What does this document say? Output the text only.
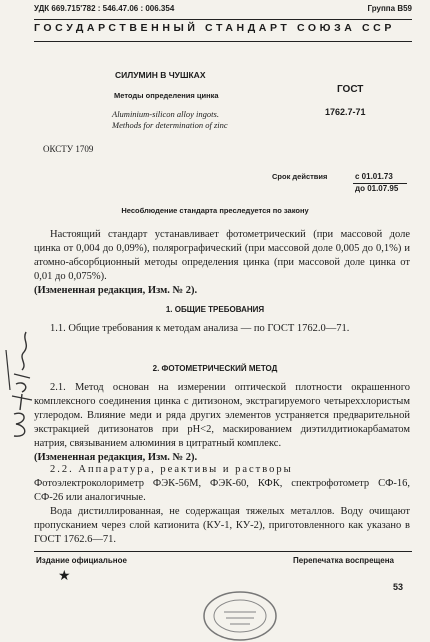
УДК 669.715'782 : 546.47.06 : 006.354	Группа В59
ГОСУДАРСТВЕННЫЙ СТАНДАРТ СОЮЗА ССР
СИЛУМИН В ЧУШКАХ
Методы определения цинка
Aluminium-silicon alloy ingots.
Methods for determination of zinc
ГОСТ
1762.7-71
ОКСТУ 1709
Срок действия	с 01.01.73
до 01.07.95
Несоблюдение стандарта преследуется по закону
Настоящий стандарт устанавливает фотометрический (при массовой доле цинка от 0,004 до 0,09%), полярографический (при массовой доле 0,005 до 0,1%) и атомно-абсорбционный методы определения цинка (при массовой доле цинка от 0,01 до 0,075%).
(Измененная редакция, Изм. № 2).
1. ОБЩИЕ ТРЕБОВАНИЯ
1.1. Общие требования к методам анализа — по ГОСТ 1762.0—71.
2. ФОТОМЕТРИЧЕСКИЙ МЕТОД
2.1. Метод основан на измерении оптической плотности окрашенного комплексного соединения цинка с дитизоном, экстрагируемого четыреххлористым углеродом. Влияние меди и ряда других элементов устраняется предварительной экстракцией дитизонатов при рН<2, маскированием диэтилдитиокарбаматом натрия, связыванием алюминия в цитратный комплекс.
(Измененная редакция, Изм. № 2).
2.2. Аппаратура, реактивы и растворы
Фотоэлектроколориметр ФЭК-56М, ФЭК-60, КФК, спектрофотометр СФ-16, СФ-26 или аналогичные.
Вода дистиллированная, не содержащая тяжелых металлов. Воду очищают пропусканием через слой катионита (КУ-1, КУ-2), приготовленного как указано в ГОСТ 1762.6—71.
Издание официальное	Перепечатка воспрещена
★
53
